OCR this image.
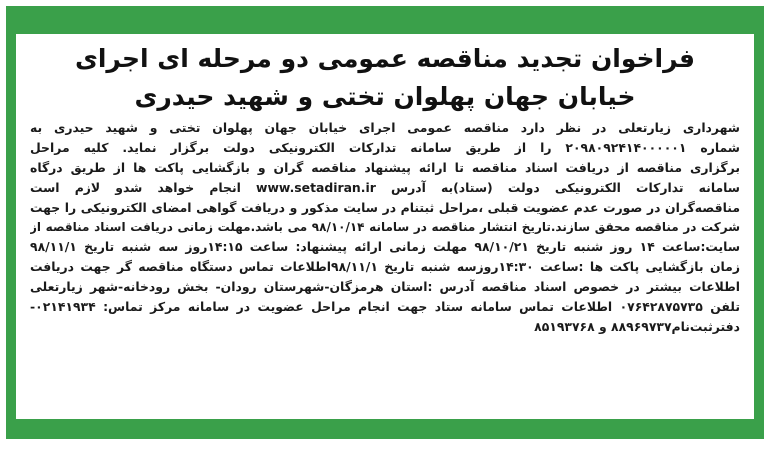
فراخوان تجدید مناقصه عمومی دو مرحله ای اجرای
خیابان جهان پهلوان تختی و شهید حیدری

شهرداری زیارتعلی در نظر دارد مناقصه عمومی اجرای خیابان جهان پهلوان تختی و شهید حیدری به
شماره ۲۰۹۸۰۹۲۴۱۴۰۰۰۰۰۱ را از طریق سامانه تدارکات الکترونیکی دولت برگزار نماید. کلیه مراحل
برگزاری مناقصه از دریافت اسناد مناقصه تا ارائه پیشنهاد مناقصه گران و بازگشایی پاکت ها از طریق درگاه
سامانه تدارکات الکترونیکی دولت (ستاد)به آدرس www.setadiran.ir انجام خواهد شدو لازم است
مناقصه‌گران در صورت عدم عضویت قبلی ،مراحل ثبتنام در سایت مذکور و دریافت گواهی امضای الکترونیکی را جهت
شرکت در مناقصه محقق سازند.تاریخ انتشار مناقصه در سامانه ۹۸/۱۰/۱۴ می باشد.مهلت زمانی دریافت اسناد مناقصه از
سایت:ساعت ۱۴ روز شنبه تاریخ ۹۸/۱۰/۲۱ مهلت زمانی ارائه پیشنهاد: ساعت ۱۴:۱۵روز سه شنبه تاریخ ۹۸/۱۱/۱
زمان بازگشایی پاکت ها :ساعت ۱۴:۳۰روزسه شنبه تاریخ ۹۸/۱۱/۱اطلاعات تماس دستگاه مناقصه گر جهت دریافت
اطلاعات بیشتر در خصوص اسناد مناقصه آدرس :استان هرمزگان-شهرستان رودان- بخش رودخانه-شهر زیارتعلی
تلفن ۰۷۶۴۲۸۷۵۷۳۵ اطلاعات تماس سامانه ستاد جهت انجام مراحل عضویت در سامانه مرکز تماس: ۰۲۱۴۱۹۳۴-
دفترثبت‌نام۸۸۹۶۹۷۳۷ و ۸۵۱۹۳۷۶۸
